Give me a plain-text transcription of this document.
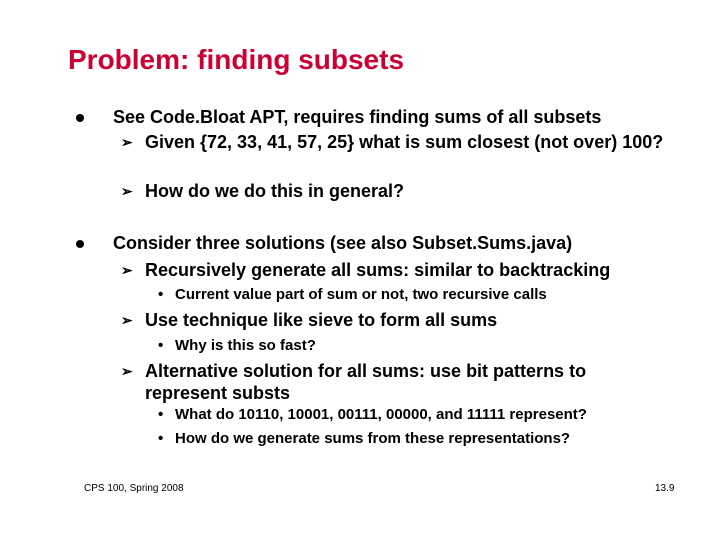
Problem: finding subsets
See Code.Bloat APT, requires finding sums of all subsets
➢ Given {72, 33, 41, 57, 25} what is sum closest (not over) 100?
➢ How do we do this in general?
Consider three solutions (see also Subset.Sums.java)
➢ Recursively generate all sums: similar to backtracking
• Current value part of sum or not, two recursive calls
➢ Use technique like sieve to form all sums
• Why is this so fast?
➢ Alternative solution for all sums: use bit patterns to represent substs
• What do 10110, 10001, 00111, 00000, and 11111 represent?
• How do we generate sums from these representations?
CPS 100, Spring 2008	13.9
